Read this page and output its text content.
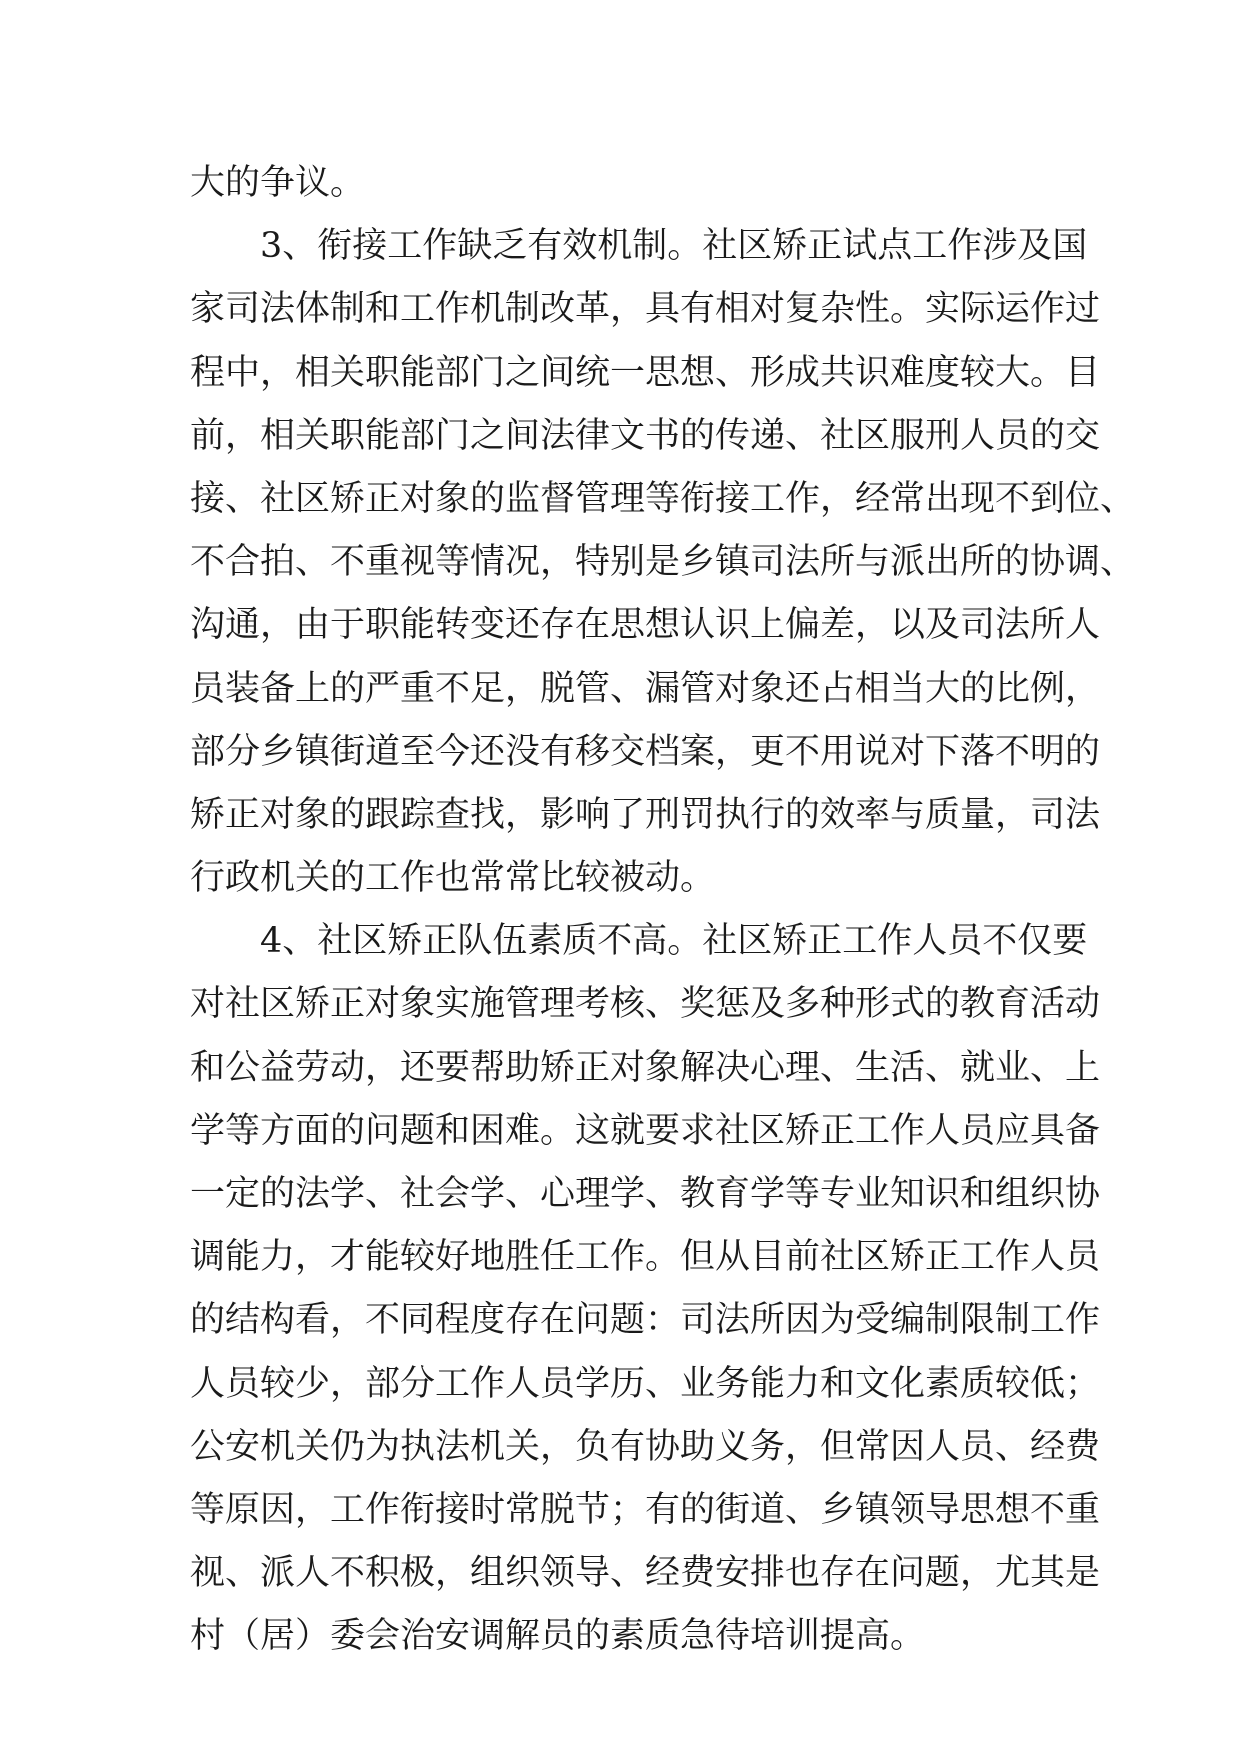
大的争议。
3、衔接工作缺乏有效机制。社区矫正试点工作涉及国
家司法体制和工作机制改革，具有相对复杂性。实际运作过
程中，相关职能部门之间统一思想、形成共识难度较大。目
前，相关职能部门之间法律文书的传递、社区服刑人员的交
接、社区矫正对象的监督管理等衔接工作，经常出现不到位、
不合拍、不重视等情况，特别是乡镇司法所与派出所的协调、
沟通，由于职能转变还存在思想认识上偏差，以及司法所人
员装备上的严重不足，脱管、漏管对象还占相当大的比例，
部分乡镇街道至今还没有移交档案，更不用说对下落不明的
矫正对象的跟踪查找，影响了刑罚执行的效率与质量，司法
行政机关的工作也常常比较被动。
4、社区矫正队伍素质不高。社区矫正工作人员不仅要
对社区矫正对象实施管理考核、奖惩及多种形式的教育活动
和公益劳动，还要帮助矫正对象解决心理、生活、就业、上
学等方面的问题和困难。这就要求社区矫正工作人员应具备
一定的法学、社会学、心理学、教育学等专业知识和组织协
调能力，才能较好地胜任工作。但从目前社区矫正工作人员
的结构看，不同程度存在问题：司法所因为受编制限制工作
人员较少，部分工作人员学历、业务能力和文化素质较低；
公安机关仍为执法机关，负有协助义务，但常因人员、经费
等原因，工作衔接时常脱节；有的街道、乡镇领导思想不重
视、派人不积极，组织领导、经费安排也存在问题，尤其是
村（居）委会治安调解员的素质急待培训提高。
